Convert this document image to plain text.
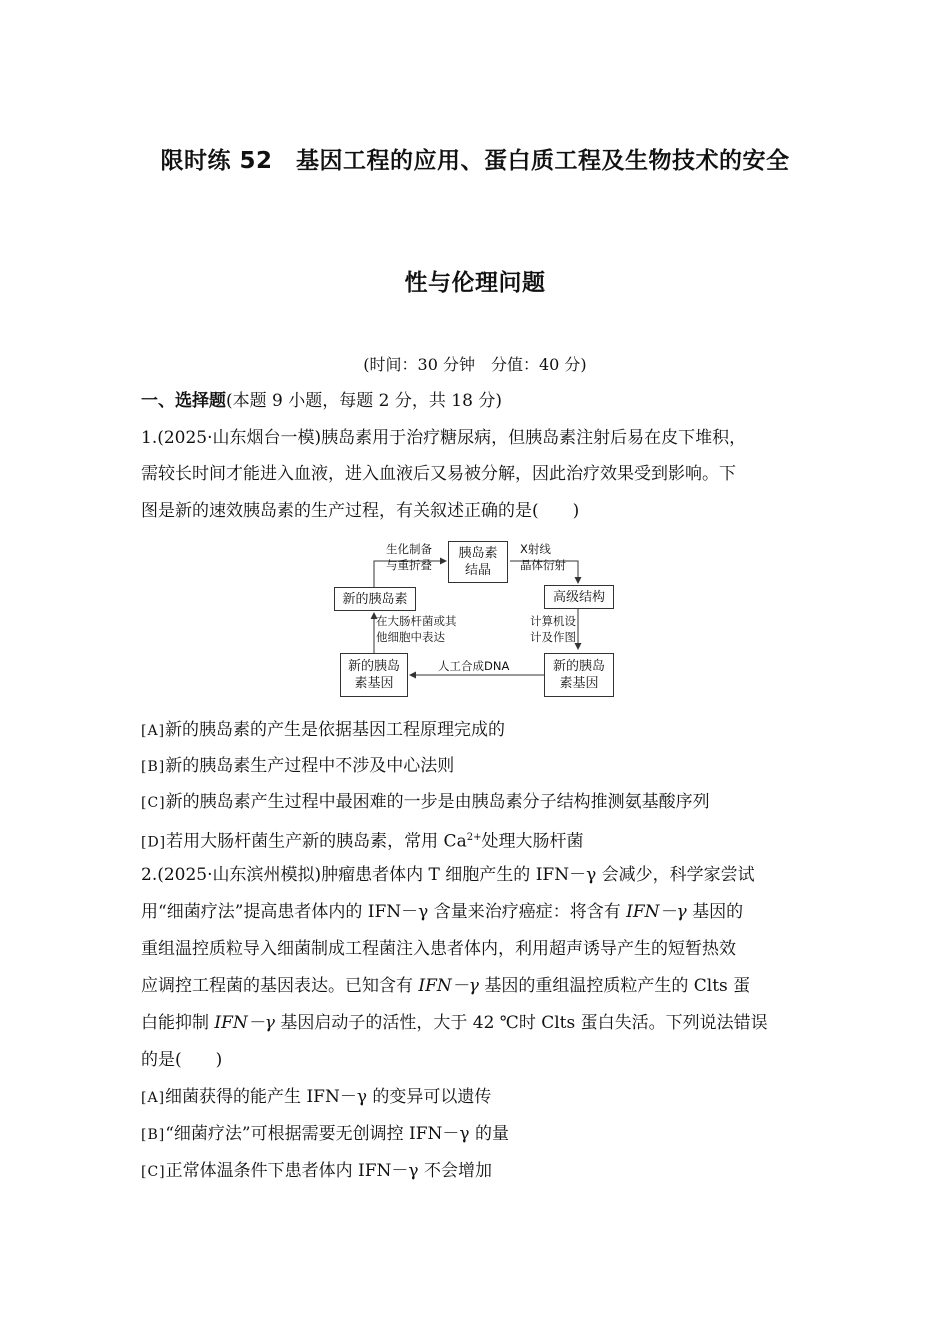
限时练 52　基因工程的应用、蛋白质工程及生物技术的安全
性与伦理问题
(时间：30 分钟　分值：40 分)
一、选择题(本题 9 小题，每题 2 分，共 18 分)
1.(2025·山东烟台一模)胰岛素用于治疗糖尿病，但胰岛素注射后易在皮下堆积，
需较长时间才能进入血液，进入血液后又易被分解，因此治疗效果受到影响。下
图是新的速效胰岛素的生产过程，有关叙述正确的是(　　)
胰岛素
结晶
新的胰岛素	高级结构
新的胰岛
素基因
新的胰岛
素基因
生化制备
与重折叠
X射线
晶体衍射
在大肠杆菌或其
他细胞中表达
计算机设
计及作图
人工合成DNA
[A]新的胰岛素的产生是依据基因工程原理完成的
[B]新的胰岛素生产过程中不涉及中心法则
[C]新的胰岛素产生过程中最困难的一步是由胰岛素分子结构推测氨基酸序列
[D]若用大肠杆菌生产新的胰岛素，常用 $Ca^{2+}$处理大肠杆菌
2.(2025·山东滨州模拟)肿瘤患者体内 T 细胞产生的 IFN－γ 会减少，科学家尝试
用“细菌疗法”提高患者体内的 IFN－γ 含量来治疗癌症：将含有 IFN－γ 基因的
重组温控质粒导入细菌制成工程菌注入患者体内，利用超声诱导产生的短暂热效
应调控工程菌的基因表达。已知含有 IFN－γ 基因的重组温控质粒产生的 Clts 蛋
白能抑制 IFN－γ 基因启动子的活性，大于 42 ℃时 Clts 蛋白失活。下列说法错误
的是(　　)
[A]细菌获得的能产生 IFN－γ 的变异可以遗传
[B]“细菌疗法”可根据需要无创调控 IFN－γ 的量
[C]正常体温条件下患者体内 IFN－γ 不会增加
